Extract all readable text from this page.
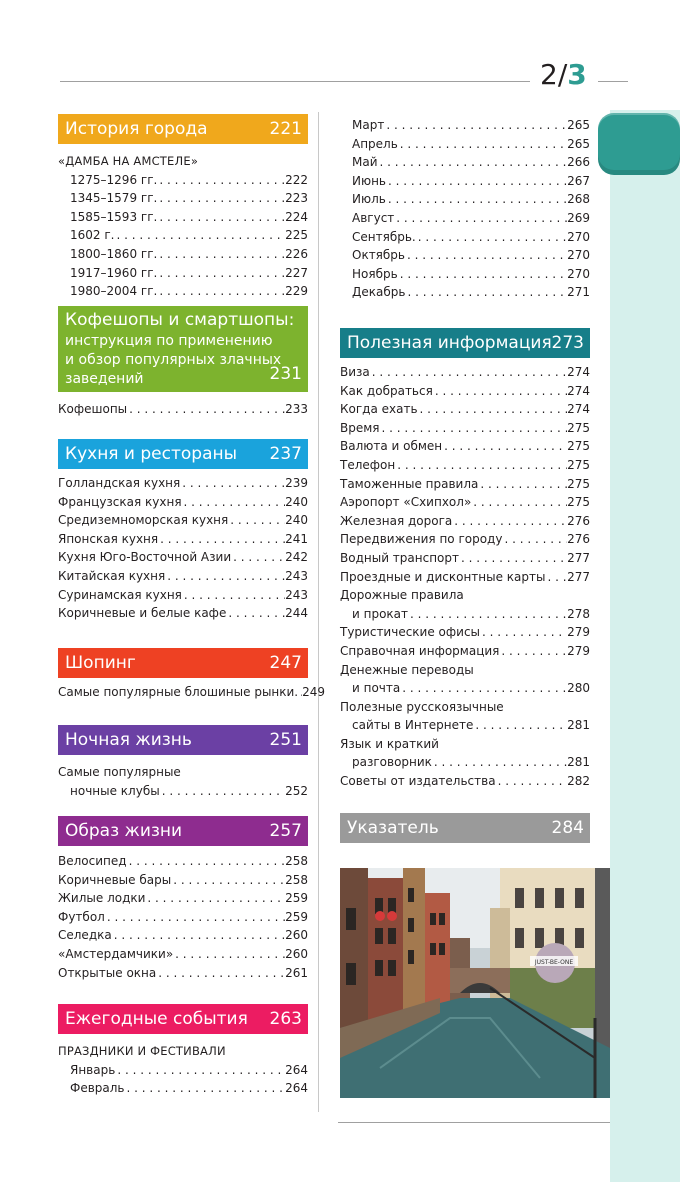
2/3
История города	221
«ДАМБА НА АМСТЕЛЕ»
1275–1296 гг. . . .	222
1345–1579 гг. . . .	223
1585–1593 гг. . . .	224
1602 г. . . .	225
1800–1860 гг. . . .	226
1917–1960 гг. . . .	227
1980–2004 гг. . . .	229
Кофешопы и смартшопы:
инструкция по применению
и обзор популярных злачных
заведений	231
Кофешопы . . .	233
Кухня и рестораны 237
Голландская кухня . . .	239
Французская кухня . . .	240
Средиземноморская кухня . . .	240
Японская кухня . . .	241
Кухня Юго-Восточной Азии . . .	242
Китайская кухня . . .	243
Суринамская кухня . . .	243
Коричневые и белые кафе . . .	244
Шопинг	247
Самые популярные блошиные рынки. . . . 249
Ночная жизнь	251
Самые популярные
ночные клубы . . .	252
Образ жизни	257
Велосипед . . .	258
Коричневые бары . . .	258
Жилые лодки . . .	259
Футбол . . .	259
Селедка . . .	260
«Амстердамчики» . . .	260
Открытые окна . . .	261
Ежегодные события 263
ПРАЗДНИКИ И ФЕСТИВАЛИ
Январь . . .	264
Февраль . . .	264
Март . . .	265
Апрель . . .	265
Май . . .	266
Июнь . . .	267
Июль . . .	268
Август . . .	269
Сентябрь. . . .	270
Октябрь . . .	270
Ноябрь . . .	270
Декабрь . . .	271
Полезная информация 273
Виза . . .	274
Как добраться . . .	274
Когда ехать . . .	274
Время . . .	275
Валюта и обмен . . .	275
Телефон . . .	275
Таможенные правила . . .	275
Аэропорт «Схипхол» . . .	275
Железная дорога . . .	276
Передвижения по городу . . .	276
Водный транспорт . . .	277
Проездные и дисконтные карты . . . 277
Дорожные правила
и прокат . . .	278
Туристические офисы . . .	279
Справочная информация . . .	279
Денежные переводы
и почта . . .	280
Полезные русскоязычные
сайты в Интернете . . .	281
Язык и краткий
разговорник . . .	281
Советы от издательства . . .	282
Указатель	284
JUST-BE-ONE
